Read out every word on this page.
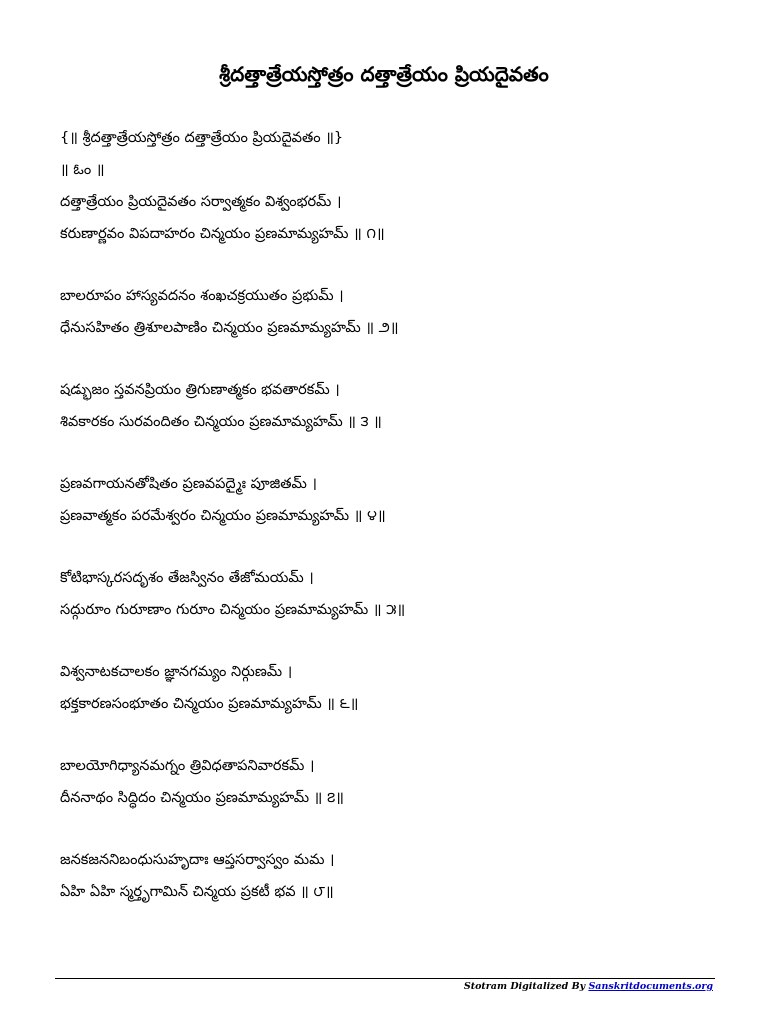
శ్రీదత్తాత్రేయస్తోత్రం దత్తాత్రేయం ప్రియదైవతం
{॥ శ్రీదత్తాత్రేయస్తోత్రం దత్తాత్రేయం ప్రియదైవతం ॥}
॥ ఓం ॥
దత్తాత్రేయం ప్రియదైవతం సర్వాత్మకం విశ్వంభరమ్ ।
కరుణార్ణవం విపదాహరం చిన్మయం ప్రణమామ్యహమ్ ॥ ౧॥
బాలరూపం హాస్యవదనం శంఖచక్రయుతం ప్రభుమ్ ।
ధేనుసహితం త్రిశూలపాణిం చిన్మయం ప్రణమామ్యహమ్ ॥ ౨॥
షడ్భుజం స్తవనప్రియం త్రిగుణాత్మకం భవతారకమ్ ।
శివకారకం సురవందితం చిన్మయం ప్రణమామ్యహమ్ ॥ ౩ ॥
ప్రణవగాయనతోషితం ప్రణవపద్మైః పూజితమ్ ।
ప్రణవాత్మకం పరమేశ్వరం చిన్మయం ప్రణమామ్యహమ్ ॥ ౪॥
కోటిభాస్కరసదృశం తేజస్వినం తేజోమయమ్ ।
సద్గురూం గురూణాం గురూం చిన్మయం ప్రణమామ్యహమ్ ॥ ౫॥
విశ్వనాటకచాలకం జ్ఞానగమ్యం నిర్గుణమ్ ।
భక్తకారణసంభూతం చిన్మయం ప్రణమామ్యహమ్ ॥ ౬॥
బాలయోగిధ్యానమగ్నం త్రివిధతాపనివారకమ్ ।
దీననాథం సిద్ధిదం చిన్మయం ప్రణమామ్యహమ్ ॥ ౭॥
జనకజననిబంధుసుహృదాః ఆప్తసర్వాస్వం మమ ।
ఏహి ఏహి స్మర్తృగామిన్ చిన్మయ ప్రకటీ భవ ॥ ౮॥
Stotram Digitalized By Sanskritdocuments.org
